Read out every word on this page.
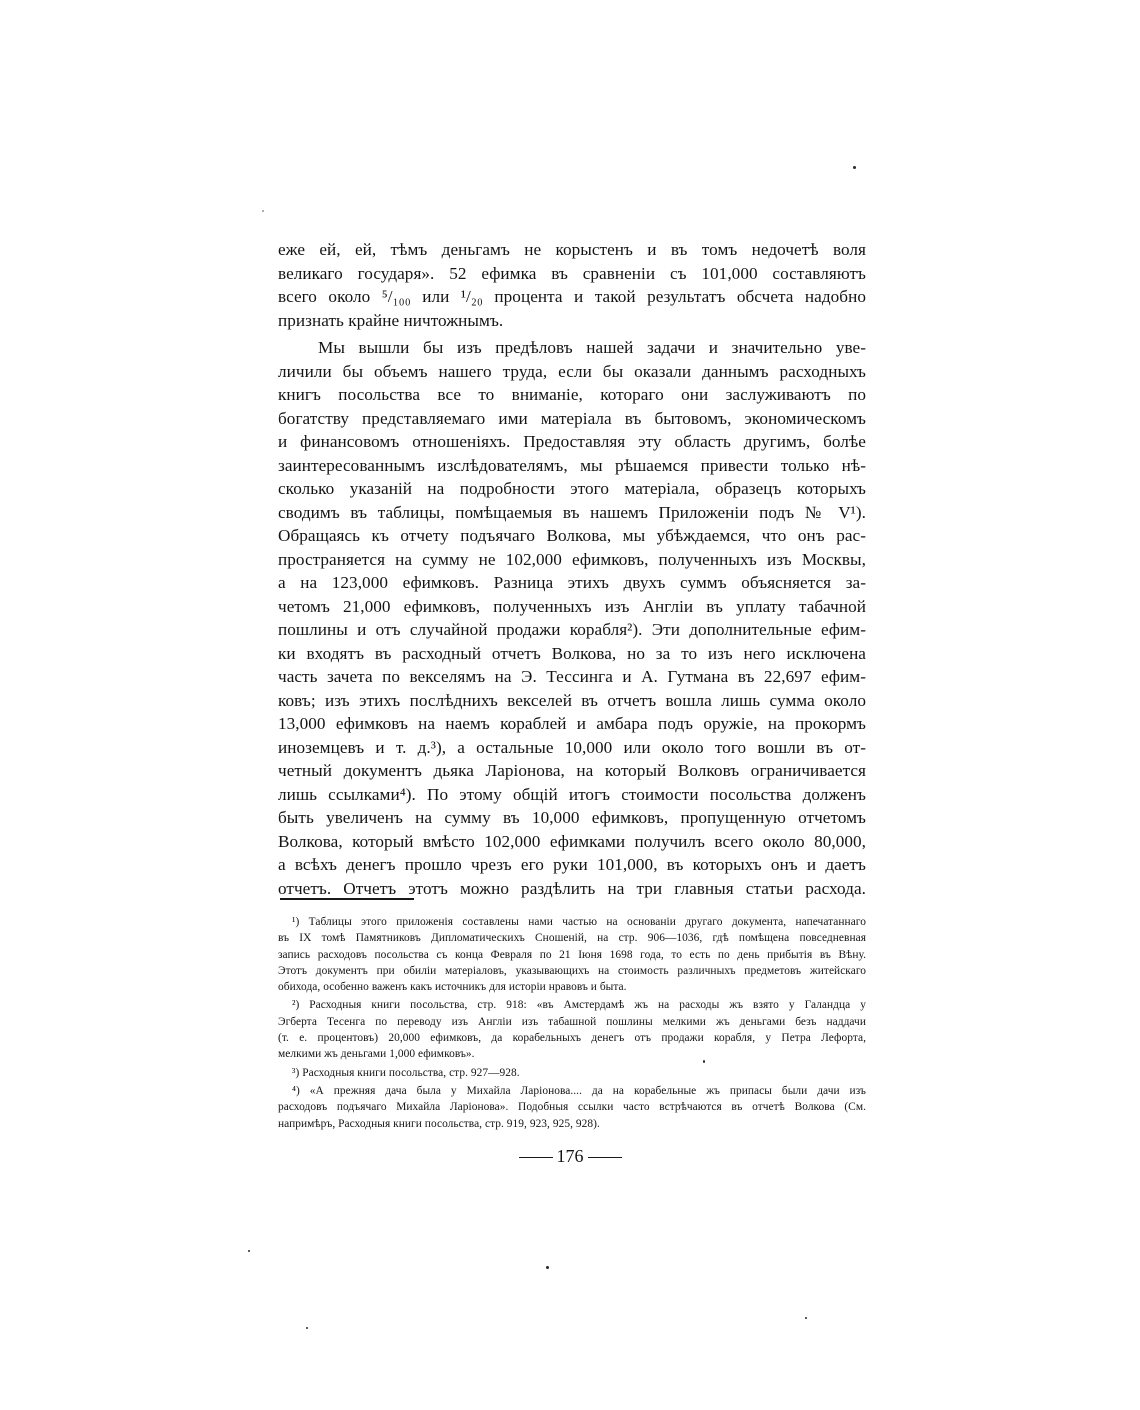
еже ей, ей, тѣмъ деньгамъ не корыстенъ и въ томъ недочетѣ воля
великаго государя». 52 ефимка въ сравненіи съ 101,000 составляютъ
всего около ⁵/₁₀₀ или ¹/₂₀ процента и такой результатъ обсчета надобно
признать крайне ничтожнымъ.
Мы вышли бы изъ предѣловъ нашей задачи и значительно уве-
личили бы объемъ нашего труда, если бы оказали даннымъ расходныхъ
книгъ посольства все то вниманіе, котораго они заслуживаютъ по
богатству представляемаго ими матеріала въ бытовомъ, экономическомъ
и финансовомъ отношеніяхъ. Предоставляя эту область другимъ, болѣе
заинтересованнымъ изслѣдователямъ, мы рѣшаемся привести только нѣ-
сколько указаній на подробности этого матеріала, образецъ которыхъ
сводимъ въ таблицы, помѣщаемыя въ нашемъ Приложеніи подъ № V¹).
Обращаясь къ отчету подъячаго Волкова, мы убѣждаемся, что онъ рас-
пространяется на сумму не 102,000 ефимковъ, полученныхъ изъ Москвы,
а на 123,000 ефимковъ. Разница этихъ двухъ суммъ объясняется за-
четомъ 21,000 ефимковъ, полученныхъ изъ Англіи въ уплату табачной
пошлины и отъ случайной продажи корабля²). Эти дополнительные ефим-
ки входятъ въ расходный отчетъ Волкова, но за то изъ него исключена
часть зачета по векселямъ на Э. Тессинга и А. Гутмана въ 22,697 ефим-
ковъ; изъ этихъ послѣднихъ векселей въ отчетъ вошла лишь сумма около
13,000 ефимковъ на наемъ кораблей и амбара подъ оружіе, на прокормъ
иноземцевъ и т. д.³), а остальные 10,000 или около того вошли въ от-
четный документъ дьяка Ларіонова, на который Волковъ ограничивается
лишь ссылками⁴). По этому общій итогъ стоимости посольства долженъ
быть увеличенъ на сумму въ 10,000 ефимковъ, пропущенную отчетомъ
Волкова, который вмѣсто 102,000 ефимками получилъ всего около 80,000,
а всѣхъ денегъ прошло чрезъ его руки 101,000, въ которыхъ онъ и даетъ
отчетъ. Отчетъ этотъ можно раздѣлить на три главныя статьи расхода.
¹) Таблицы этого приложенія составлены нами частью на основаніи другаго документа, напечатаннаго
въ IX томѣ Памятниковъ Дипломатическихъ Сношеній, на стр. 906—1036, гдѣ помѣщена повседневная
запись расходовъ посольства съ конца Февраля по 21 Іюня 1698 года, то есть по день прибытія въ Вѣну.
Этотъ документъ при обиліи матеріаловъ, указывающихъ на стоимость различныхъ предметовъ житейскаго
обихода, особенно важенъ какъ источникъ для исторіи нравовъ и быта.
²) Расходныя книги посольства, стр. 918: «въ Амстердамѣ жъ на расходы жъ взято у Галандца у
Эгберта Тесенга по переводу изъ Англіи изъ табашной пошлины мелкими жъ деньгами безъ наддачи
(т. е. процентовъ) 20,000 ефимковъ, да корабельныхъ денегъ отъ продажи корабля, у Петра Лефорта,
мелкими жъ деньгами 1,000 ефимковъ».
³) Расходныя книги посольства, стр. 927—928.
⁴) «А прежняя дача была у Михайла Ларіонова.... да на корабельные жъ припасы были дачи изъ
расходовъ подъячаго Михайла Ларіонова». Подобныя ссылки часто встрѣчаются въ отчетѣ Волкова (См.
напримѣръ, Расходныя книги посольства, стр. 919, 923, 925, 928).
176
